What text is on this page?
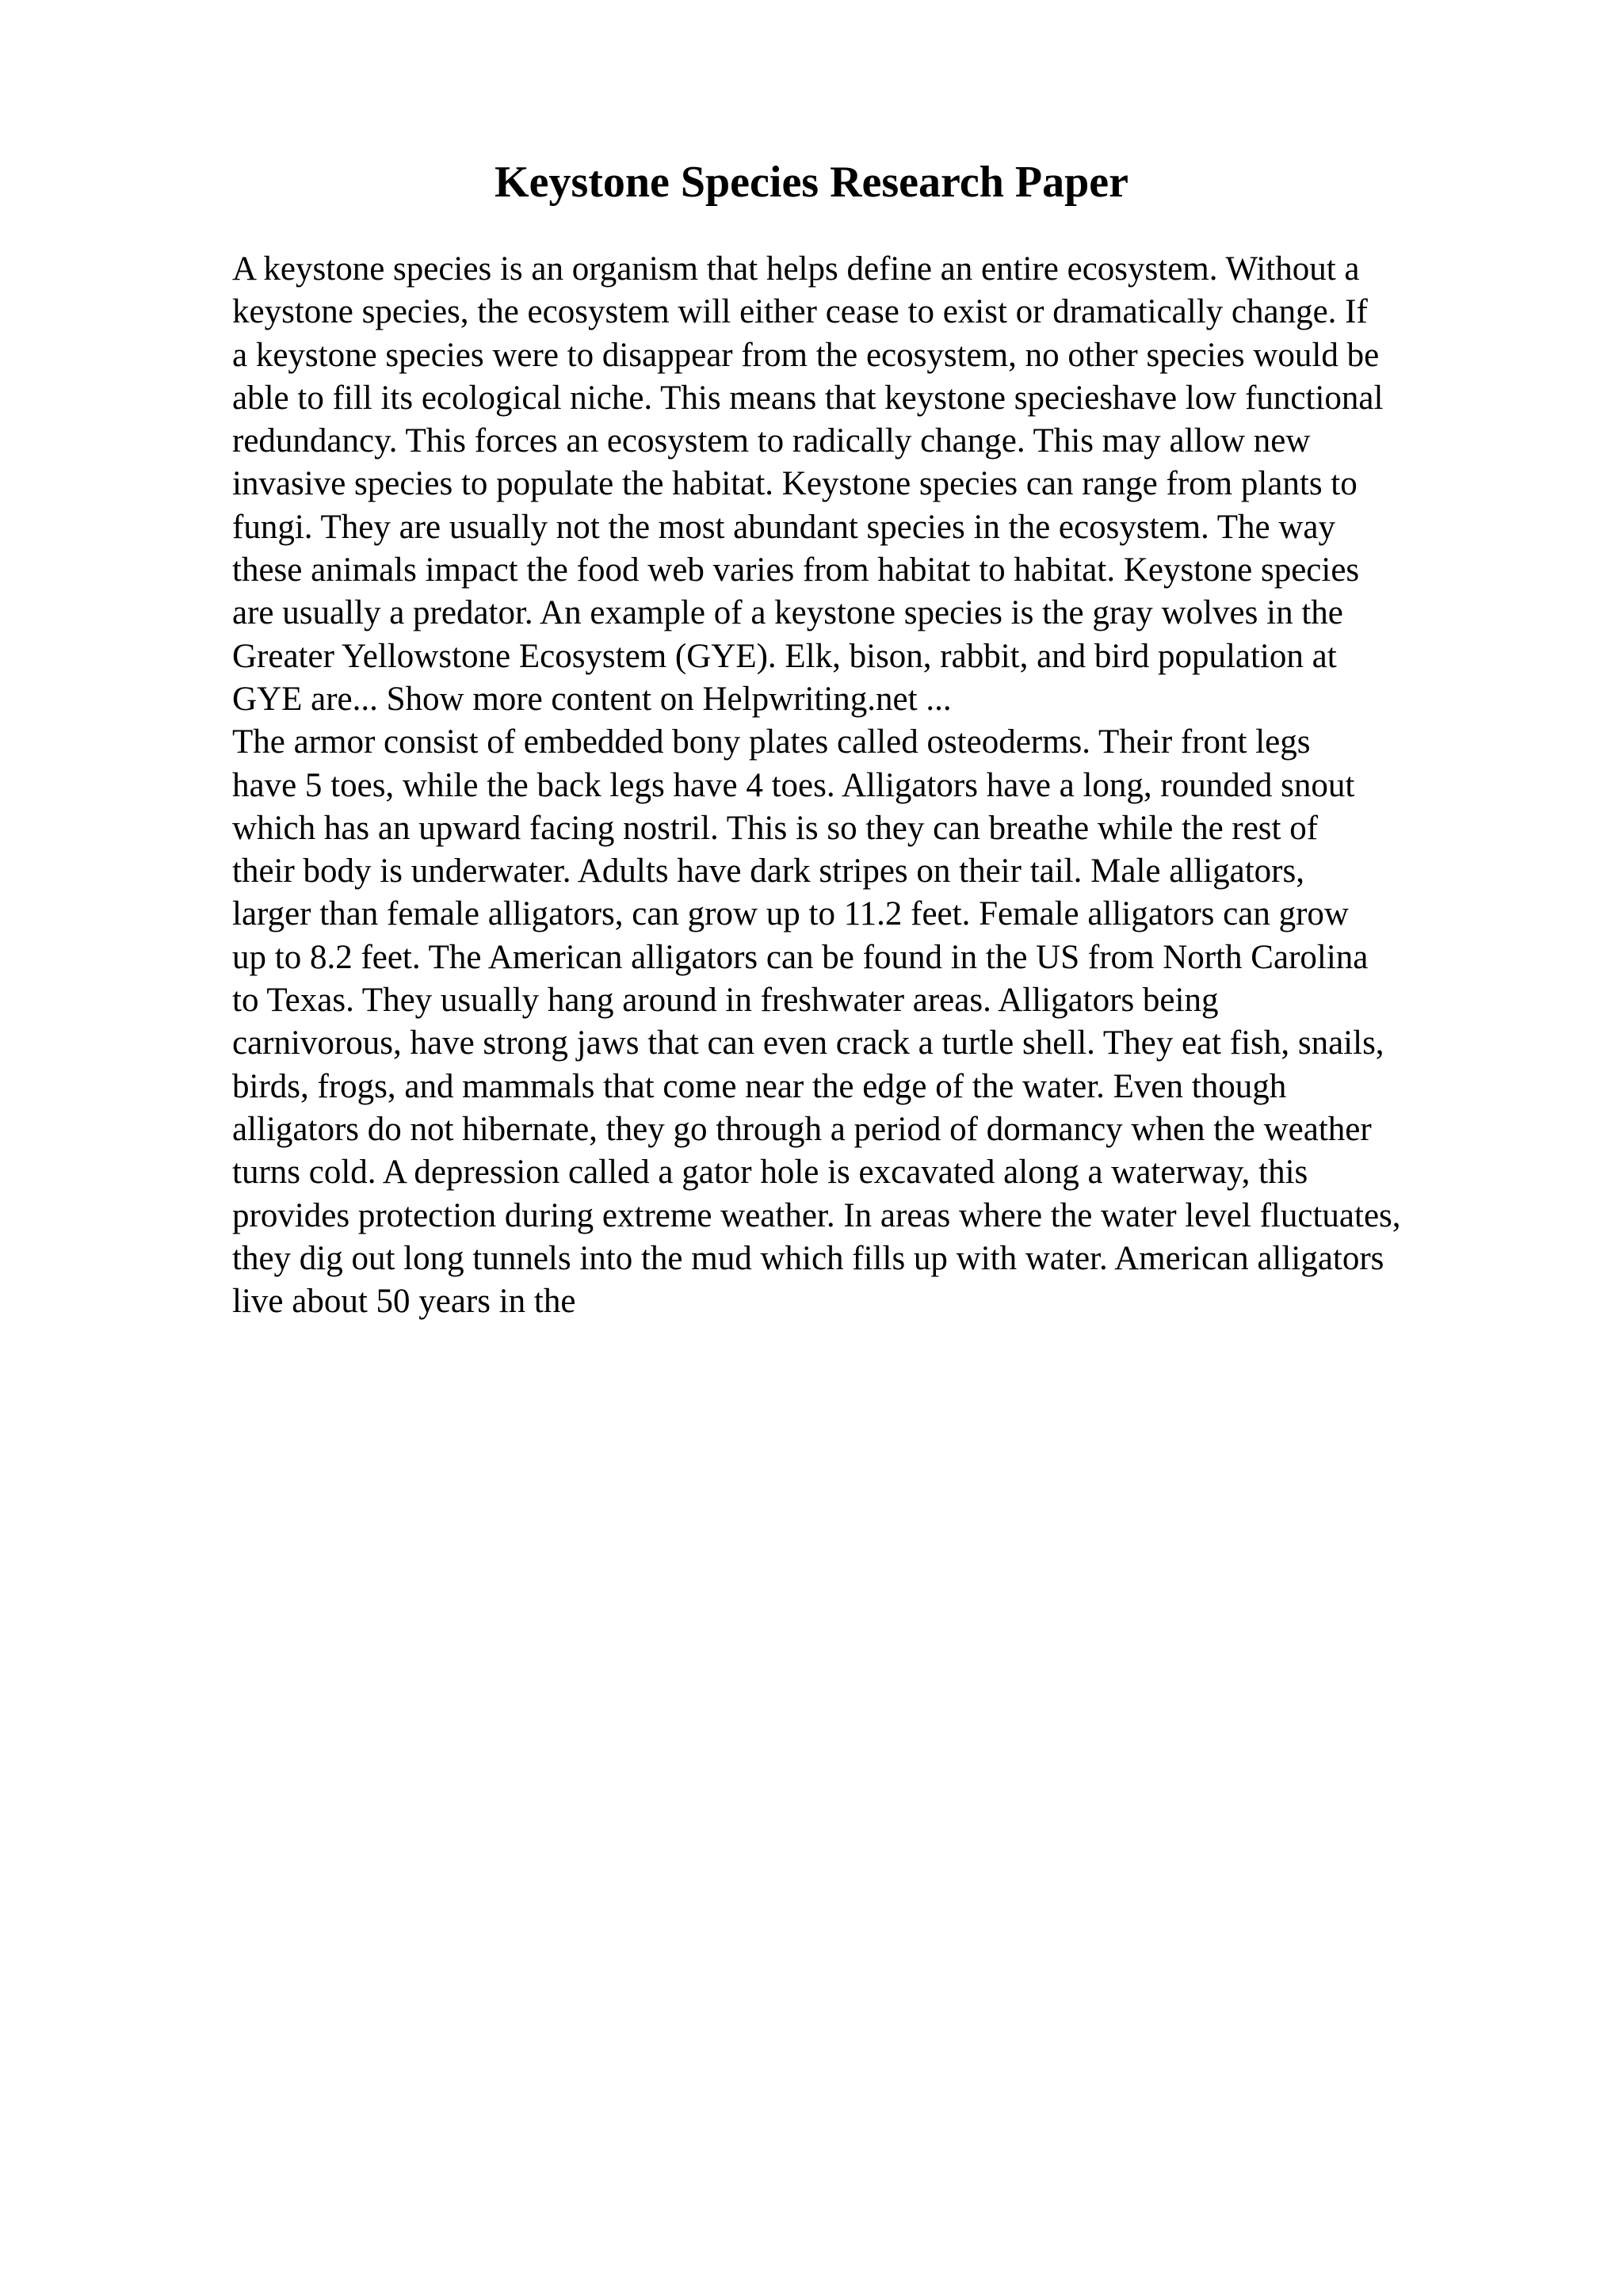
Keystone Species Research Paper
A keystone species is an organism that helps define an entire ecosystem. Without a
keystone species, the ecosystem will either cease to exist or dramatically change. If
a keystone species were to disappear from the ecosystem, no other species would be
able to fill its ecological niche. This means that keystone specieshave low functional
redundancy. This forces an ecosystem to radically change. This may allow new
invasive species to populate the habitat. Keystone species can range from plants to
fungi. They are usually not the most abundant species in the ecosystem. The way
these animals impact the food web varies from habitat to habitat. Keystone species
are usually a predator. An example of a keystone species is the gray wolves in the
Greater Yellowstone Ecosystem (GYE). Elk, bison, rabbit, and bird population at
GYE are... Show more content on Helpwriting.net ...
The armor consist of embedded bony plates called osteoderms. Their front legs
have 5 toes, while the back legs have 4 toes. Alligators have a long, rounded snout
which has an upward facing nostril. This is so they can breathe while the rest of
their body is underwater. Adults have dark stripes on their tail. Male alligators,
larger than female alligators, can grow up to 11.2 feet. Female alligators can grow
up to 8.2 feet. The American alligators can be found in the US from North Carolina
to Texas. They usually hang around in freshwater areas. Alligators being
carnivorous, have strong jaws that can even crack a turtle shell. They eat fish, snails,
birds, frogs, and mammals that come near the edge of the water. Even though
alligators do not hibernate, they go through a period of dormancy when the weather
turns cold. A depression called a gator hole is excavated along a waterway, this
provides protection during extreme weather. In areas where the water level fluctuates,
they dig out long tunnels into the mud which fills up with water. American alligators
live about 50 years in the
